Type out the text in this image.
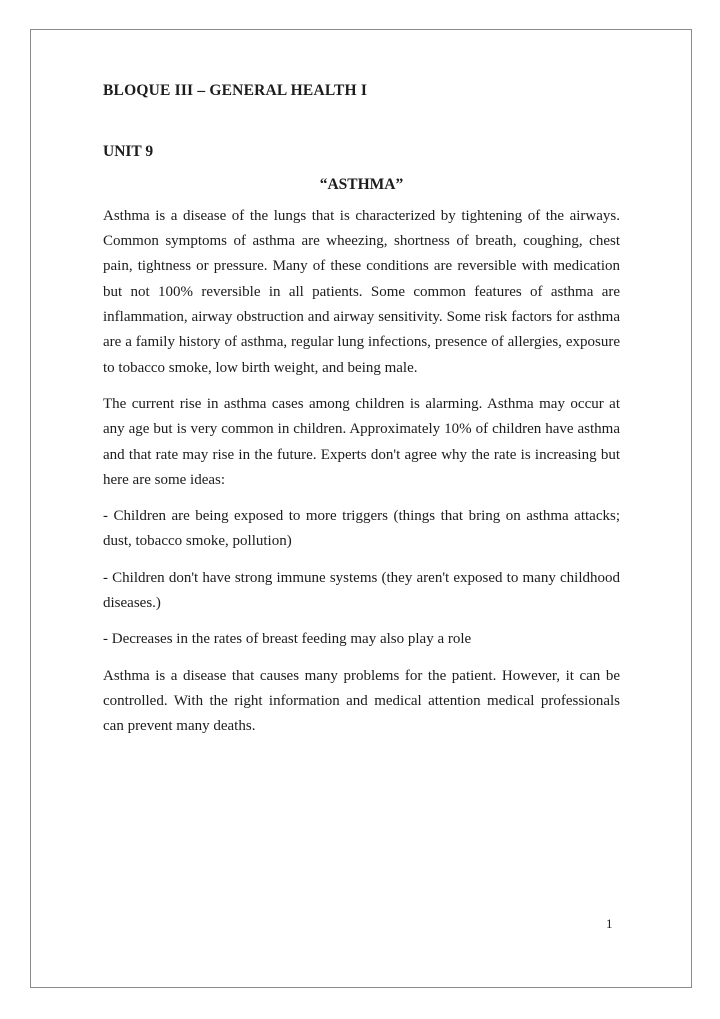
BLOQUE III – GENERAL HEALTH I

UNIT 9

“ASTHMA”

Asthma is a disease of the lungs that is characterized by tightening of the airways. Common symptoms of asthma are wheezing, shortness of breath, coughing, chest pain, tightness or pressure. Many of these conditions are reversible with medication but not 100% reversible in all patients. Some common features of asthma are inflammation, airway obstruction and airway sensitivity. Some risk factors for asthma are a family history of asthma, regular lung infections, presence of allergies, exposure to tobacco smoke, low birth weight, and being male.

The current rise in asthma cases among children is alarming. Asthma may occur at any age but is very common in children. Approximately 10% of children have asthma and that rate may rise in the future. Experts don't agree why the rate is increasing but here are some ideas:

- Children are being exposed to more triggers (things that bring on asthma attacks; dust, tobacco smoke, pollution)

- Children don't have strong immune systems (they aren't exposed to many childhood diseases.)

- Decreases in the rates of breast feeding may also play a role

Asthma is a disease that causes many problems for the patient. However, it can be controlled. With the right information and medical attention medical professionals can prevent many deaths.

1
